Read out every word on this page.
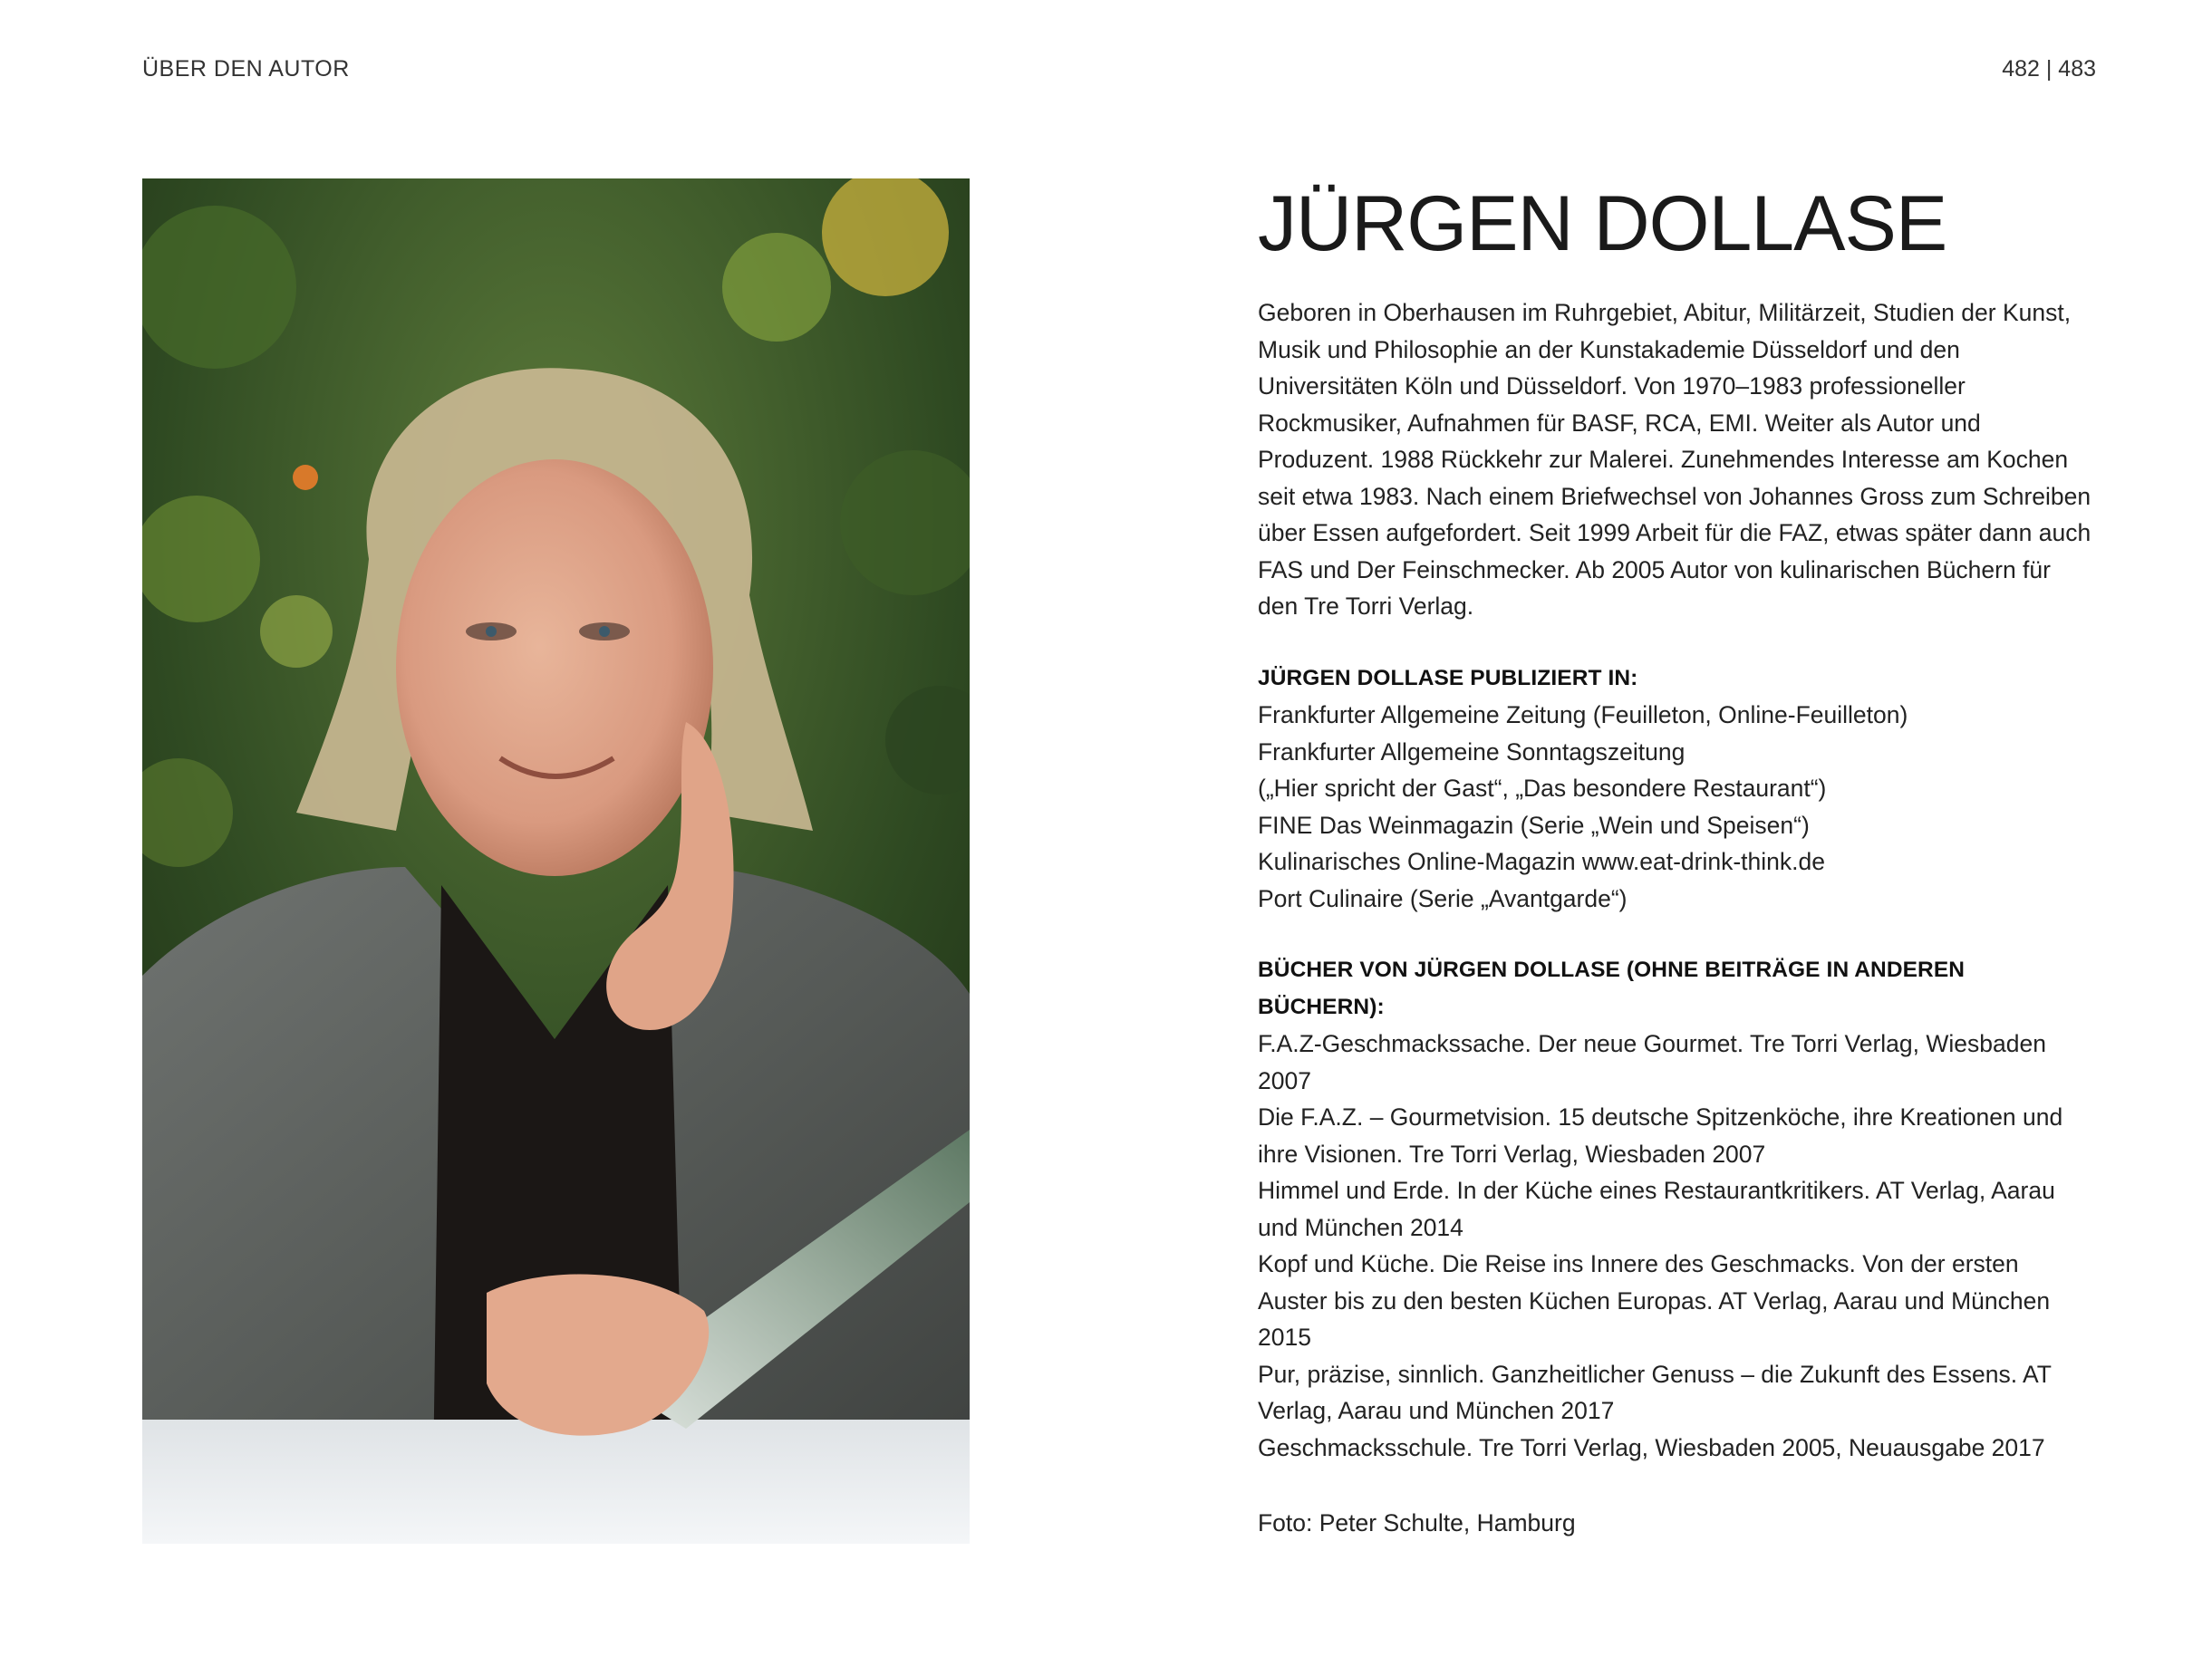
ÜBER DEN AUTOR	482 | 483
JÜRGEN DOLLASE

Geboren in Oberhausen im Ruhrgebiet, Abitur, Militärzeit, Studien der Kunst, Musik und Philosophie an der Kunstakademie Düsseldorf und den Universitäten Köln und Düsseldorf. Von 1970–1983 professioneller Rockmusiker, Aufnahmen für BASF, RCA, EMI. Weiter als Autor und Produzent. 1988 Rückkehr zur Malerei. Zunehmendes Interesse am Kochen seit etwa 1983. Nach einem Briefwechsel von Johannes Gross zum Schreiben über Essen aufgefordert. Seit 1999 Arbeit für die FAZ, etwas später dann auch FAS und Der Feinschmecker. Ab 2005 Autor von kulinarischen Büchern für den Tre Torri Verlag.

JÜRGEN DOLLASE PUBLIZIERT IN:
Frankfurter Allgemeine Zeitung (Feuilleton, Online-Feuilleton)
Frankfurter Allgemeine Sonntagszeitung
(„Hier spricht der Gast“, „Das besondere Restaurant“)
FINE Das Weinmagazin (Serie „Wein und Speisen“)
Kulinarisches Online-Magazin www.eat-drink-think.de
Port Culinaire (Serie „Avantgarde“)
BÜCHER VON JÜRGEN DOLLASE (OHNE BEITRÄGE IN ANDEREN BÜCHERN):
F.A.Z-Geschmackssache. Der neue Gourmet. Tre Torri Verlag, Wiesbaden 2007
Die F.A.Z. – Gourmetvision. 15 deutsche Spitzenköche, ihre Kreationen und ihre Visionen. Tre Torri Verlag, Wiesbaden 2007
Himmel und Erde. In der Küche eines Restaurantkritikers. AT Verlag, Aarau und München 2014
Kopf und Küche. Die Reise ins Innere des Geschmacks. Von der ersten Auster bis zu den besten Küchen Europas. AT Verlag, Aarau und München 2015
Pur, präzise, sinnlich. Ganzheitlicher Genuss – die Zukunft des Essens. AT Verlag, Aarau und München 2017
Geschmacksschule. Tre Torri Verlag, Wiesbaden 2005, Neuausgabe 2017
Foto: Peter Schulte, Hamburg
